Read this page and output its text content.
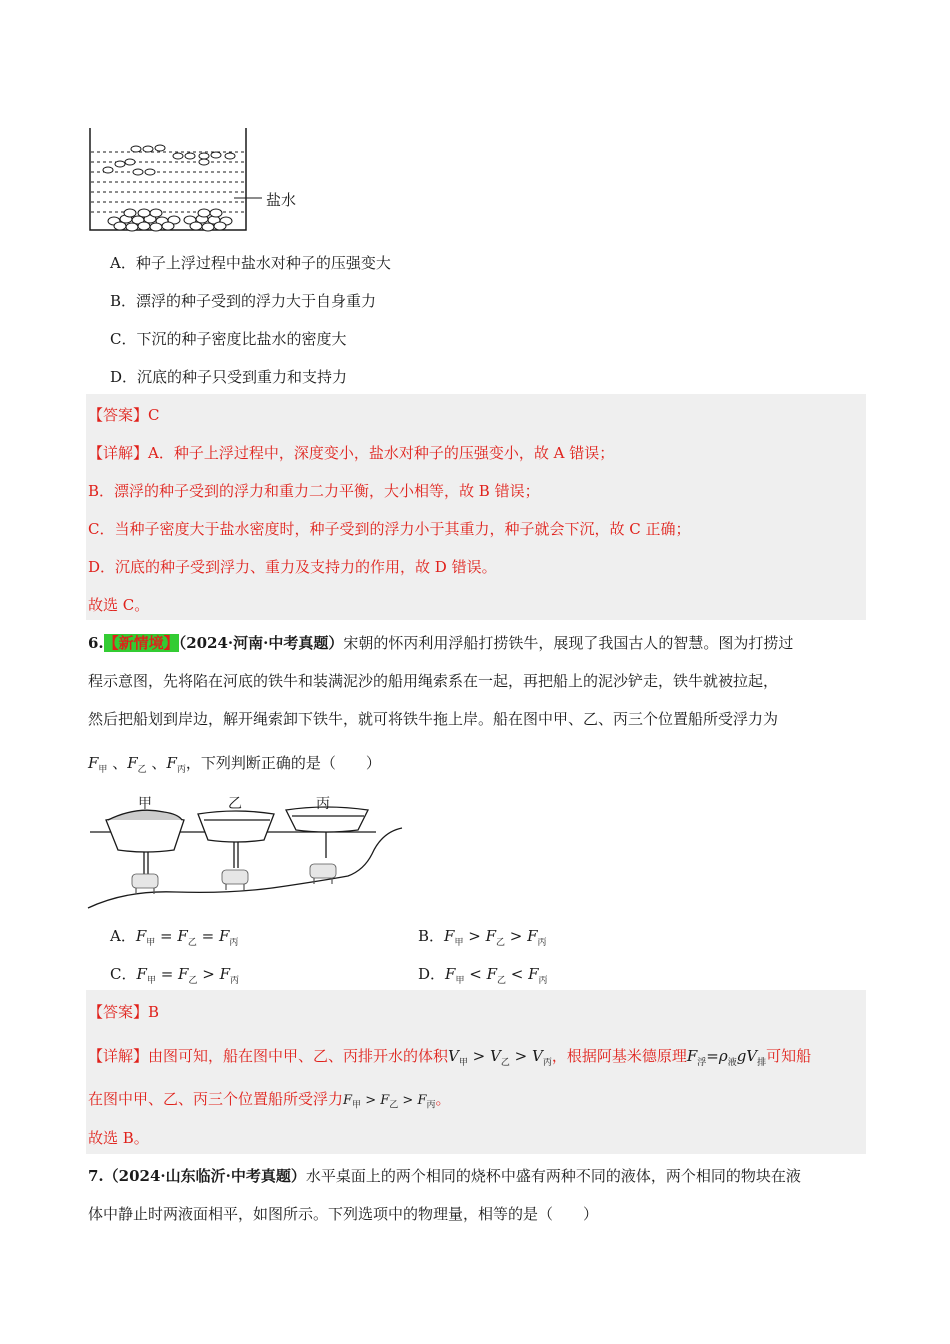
盐水
A．种子上浮过程中盐水对种子的压强变大
B．漂浮的种子受到的浮力大于自身重力
C．下沉的种子密度比盐水的密度大
D．沉底的种子只受到重力和支持力
【答案】C
【详解】A．种子上浮过程中，深度变小，盐水对种子的压强变小，故 A 错误；
B．漂浮的种子受到的浮力和重力二力平衡，大小相等，故 B 错误；
C．当种子密度大于盐水密度时，种子受到的浮力小于其重力，种子就会下沉，故 C 正确；
D．沉底的种子受到浮力、重力及支持力的作用，故 D 错误。
故选 C。
6.【新情境】（2024·河南·中考真题）宋朝的怀丙利用浮船打捞铁牛，展现了我国古人的智慧。图为打捞过
程示意图，先将陷在河底的铁牛和装满泥沙的船用绳索系在一起，再把船上的泥沙铲走，铁牛就被拉起，
然后把船划到岸边，解开绳索卸下铁牛，就可将铁牛拖上岸。船在图中甲、乙、丙三个位置船所受浮力为
$F_甲$ 、$F_乙$ 、$F_丙$，下列判断正确的是（　　）
甲	乙	丙
A．$F_甲 = F_乙 = F_丙$	B．$F_甲 > F_乙 > F_丙$
C．$F_甲 = F_乙 > F_丙$	D．$F_甲 < F_乙 < F_丙$
【答案】B
【详解】由图可知，船在图中甲、乙、丙排开水的体积$V_甲 > V_乙 > V_丙$，根据阿基米德原理$F_浮=\rho_液gV_排$可知船
在图中甲、乙、丙三个位置船所受浮力$F_甲 > F_乙 > F_丙$。
故选 B。
7.（2024·山东临沂·中考真题）水平桌面上的两个相同的烧杯中盛有两种不同的液体，两个相同的物块在液
体中静止时两液面相平，如图所示。下列选项中的物理量，相等的是（　　）
